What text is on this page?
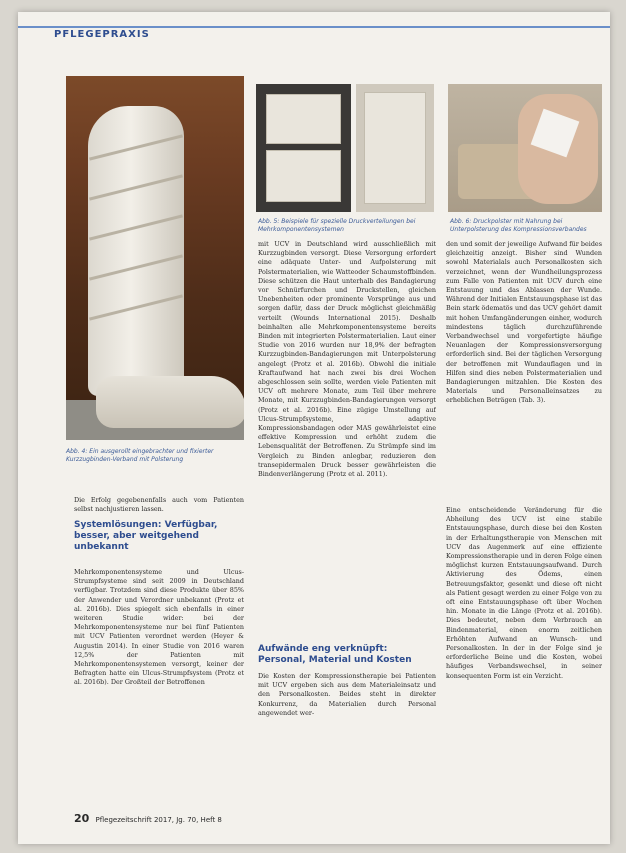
PFLEGEPRAXIS
Abb. 4: Ein ausgerollt eingebrachter und fixierter Kurzzugbinden-Verband mit Polsterung
Abb. 5: Beispiele für spezielle Druckverteilungen bei Mehrkomponentensystemen
Abb. 6: Druckpolster mit Nahrung bei Unterpolsterung des Kompressionsverbandes
Die Erfolg gegebenenfalls auch vom Patienten selbst nachjustieren lassen.
Systemlösungen: Verfügbar, besser, aber weitgehend unbekannt
Mehrkomponentensysteme und Ulcus-Strumpfsysteme sind seit 2009 in Deutschland verfügbar. Trotzdem sind diese Produkte über 85% der Anwender und Verordner unbekannt (Protz et al. 2016b). Dies spiegelt sich ebenfalls in einer weiteren Studie wider: bei der Mehrkomponentensysteme nur bei fünf Patienten mit UCV Patienten verordnet werden (Heyer & Augustin 2014). In einer Studie von 2016 waren 12,5% der Patienten mit Mehrkomponentensystemen versorgt, keiner der Befragten hatte ein Ulcus-Strumpfsystem (Protz et al. 2016b). Der Großteil der Betroffenen
mit UCV in Deutschland wird ausschließlich mit Kurzzugbinden versorgt. Diese Versorgung erfordert eine adäquate Unter- und Aufpolsterung mit Polstermaterialien, wie Watteoder Schaumstoffbinden. Diese schützen die Haut unterhalb des Bandagierung vor Schnürfurchen und Druckstellen, gleichen Unebenheiten oder prominente Vorsprünge aus und sorgen dafür, dass der Druck möglichst gleichmäßig verteilt (Wounds International 2015). Deshalb beinhalten alle Mehrkomponentensysteme bereits Binden mit integrierten Polstermaterialien. Laut einer Studie von 2016 wurden nur 18,9% der befragten Kurzzugbinden-Bandagierungen mit Unterpolsterung angelegt (Protz et al. 2016b). Obwohl die initiale Kraftaufwand hat nach zwei bis drei Wochen abgeschlossen sein sollte, werden viele Patienten mit UCV oft mehrere Monate, zum Teil über mehrere Monate, mit Kurzzugbinden-Bandagierungen versorgt (Protz et al. 2016b). Eine zügige Umstellung auf Ulcus-Strumpfsysteme, adaptive Kompressionsbandagen oder MAS gewährleistet eine effektive Kompression und erhöht zudem die Lebensqualität der Betroffenen. Zu Strümpfe sind im Vergleich zu Binden anlegbar, reduzieren den transepidermalen Druck besser gewährleisten die Bindenverlängerung (Protz et al. 2011).
Aufwände eng verknüpft: Personal, Material und Kosten
Die Kosten der Kompressionstherapie bei Patienten mit UCV ergeben sich aus dem Materialeinsatz und den Personalkosten. Beides steht in direkter Konkurrenz, da Materialien durch Personal angewendet wer-
den und somit der jeweilige Aufwand für beides gleichzeitig anzeigt. Bisher sind Wunden sowohl Materialals auch Personalkosten sich verzeichnet, wenn der Wundheilungsprozess zum Falle von Patienten mit UCV durch eine Entstauung und das Ablassen der Wunde. Während der Initialen Entstauungsphase ist das Bein stark ödematös und das UCV gehört damit mit hohen Umfangänderungen einher, wodurch mindestens täglich durchzuführende Verbandwechsel und vorgefertigte häufige Neuanlagen der Kompressionsversorgung erforderlich sind. Bei der täglichen Versorgung der betroffenen mit Wundauflagen und in Hilfen sind dies neben Polstermaterialien und Bandagierungen mitzahlen. Die Kosten des Materials und Personalleinsatzes zu erheblichen Beträgen (Tab. 3).
Eine entscheidende Veränderung für die Abheilung des UCV ist eine stabile Entstauungsphase, durch diese bei den Kosten in der Erhaltungstherapie von Menschen mit UCV das Augenmerk auf eine effiziente Kompressionstherapie und in deren Folge einen möglichst kurzen Entstauungsaufwand. Durch Aktivierung des Ödems, einen Betreuungsfaktor, gesenkt und diese oft nicht als Patient gesagt werden zu einer Folge von zu oft eine Entstauungsphase oft über Wochen hin. Monate in die Länge (Protz et al. 2016b). Dies bedeutet, neben dem Verbrauch an Bindenmaterial, einen enorm zeitlichen Erhöhten Aufwand an Wunsch- und Personalkosten. In der in der Folge sind je erforderliche Beine und die Kosten, wobei häufiges Verbandswechsel, in seiner konsequenten Form ist ein Verzicht.
20 Pflegezeitschrift 2017, Jg. 70, Heft 8
